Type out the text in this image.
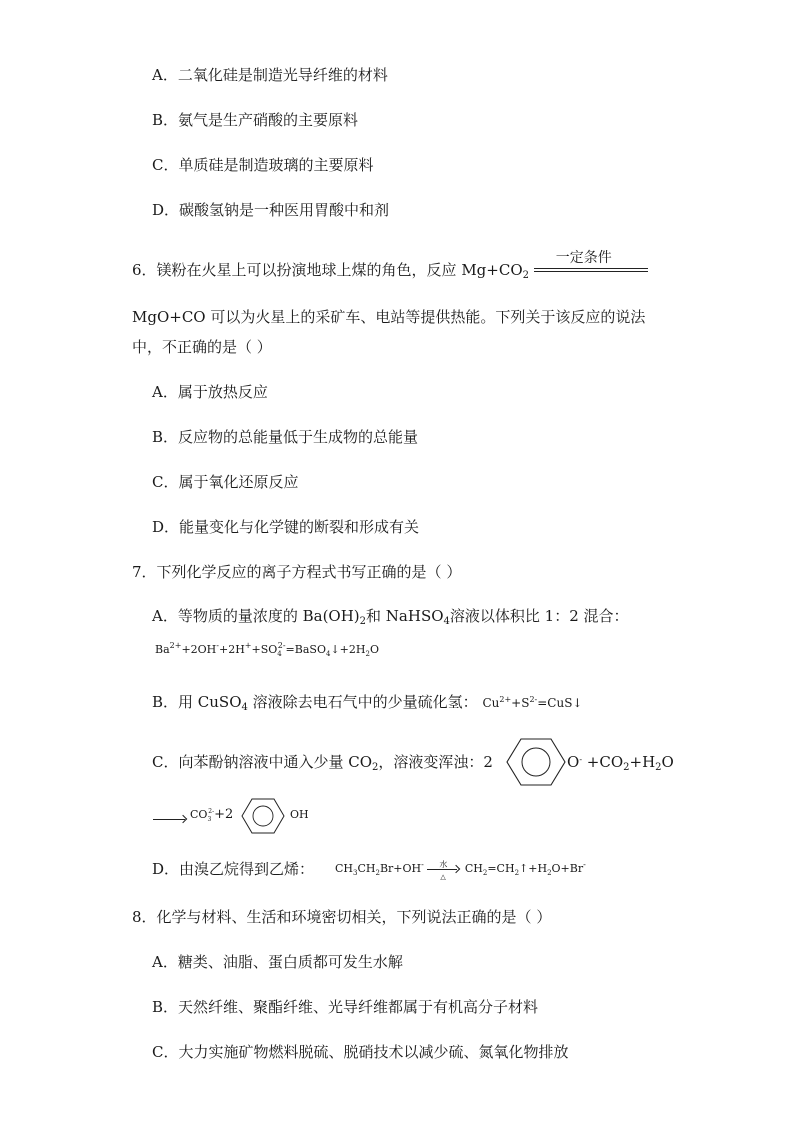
A．二氧化硅是制造光导纤维的材料
B．氨气是生产硝酸的主要原料
C．单质硅是制造玻璃的主要原料
D．碳酸氢钠是一种医用胃酸中和剂
6．镁粉在火星上可以扮演地球上煤的角色，反应 $Mg+CO_2$
一定条件
MgO+CO 可以为火星上的采矿车、电站等提供热能。下列关于该反应的说法
中，不正确的是（ ）
A．属于放热反应
B．反应物的总能量低于生成物的总能量
C．属于氧化还原反应
D．能量变化与化学键的断裂和形成有关
7．下列化学反应的离子方程式书写正确的是（ ）
A．等物质的量浓度的 $Ba(OH)_2$和 NaHSO$_4$溶液以体积比 1：2 混合：
$Ba^{2+}+2OH^-+2H^++SO_4^{2-}=BaSO_4↓+2H_2O$
B．用 CuSO$_4$ 溶液除去电石气中的少量硫化氢： $Cu^{2+}+S^{2-}=CuS↓$
C．向苯酚钠溶液中通入少量 $CO_2$，溶液变浑浊：2	$O^- +CO_2+H_2O$
$CO_3^{2-}+2$	OH
D．由溴乙烷得到乙烯： $CH_3CH_2Br+OH^-$ 水
△
$CH_2=CH_2↑+H_2O+Br^-$
8．化学与材料、生活和环境密切相关，下列说法正确的是（ ）
A．糖类、油脂、蛋白质都可发生水解
B．天然纤维、聚酯纤维、光导纤维都属于有机高分子材料
C．大力实施矿物燃料脱硫、脱硝技术以减少硫、氮氧化物排放
